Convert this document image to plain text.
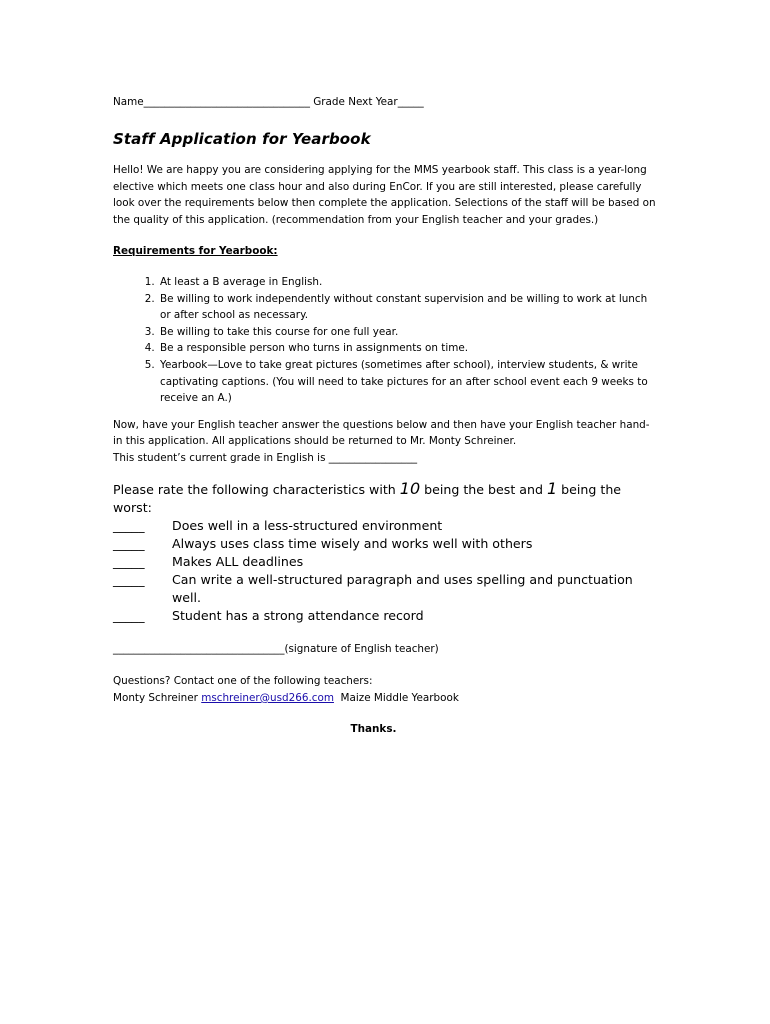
Name________________________________ Grade Next Year_____
Staff Application for Yearbook
Hello! We are happy you are considering applying for the MMS yearbook staff. This class is a year-long elective which meets one class hour and also during EnCor. If you are still interested, please carefully look over the requirements below then complete the application. Selections of the staff will be based on the quality of this application. (recommendation from your English teacher and your grades.)
Requirements for Yearbook:
1. At least a B average in English.
2. Be willing to work independently without constant supervision and be willing to work at lunch or after school as necessary.
3. Be willing to take this course for one full year.
4. Be a responsible person who turns in assignments on time.
5. Yearbook—Love to take great pictures (sometimes after school), interview students, & write captivating captions. (You will need to take pictures for an after school event each 9 weeks to receive an A.)
Now, have your English teacher answer the questions below and then have your English teacher hand-in this application. All applications should be returned to Mr. Monty Schreiner.
This student’s current grade in English is _________________
Please rate the following characteristics with 10 being the best and 1 being the worst:
_____	Does well in a less-structured environment
_____	Always uses class time wisely and works well with others
_____	Makes ALL deadlines
_____	Can write a well-structured paragraph and uses spelling and punctuation well.
_____	Student has a strong attendance record
_________________________________(signature of English teacher)
Questions? Contact one of the following teachers:
Monty Schreiner mschreiner@usd266.com  Maize Middle Yearbook
Thanks.
